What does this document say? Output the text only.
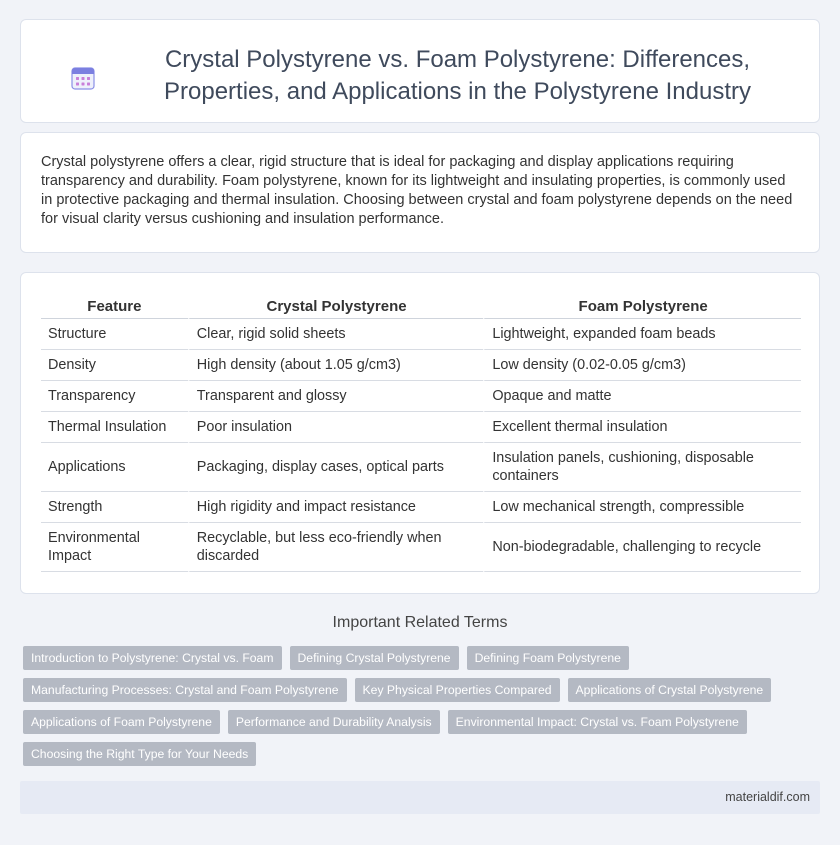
Crystal Polystyrene vs. Foam Polystyrene: Differences, Properties, and Applications in the Polystyrene Industry

Crystal polystyrene offers a clear, rigid structure that is ideal for packaging and display applications requiring transparency and durability. Foam polystyrene, known for its lightweight and insulating properties, is commonly used in protective packaging and thermal insulation. Choosing between crystal and foam polystyrene depends on the need for visual clarity versus cushioning and insulation performance.

Feature	Crystal Polystyrene	Foam Polystyrene
Structure	Clear, rigid solid sheets	Lightweight, expanded foam beads
Density	High density (about 1.05 g/cm3)	Low density (0.02-0.05 g/cm3)
Transparency	Transparent and glossy	Opaque and matte
Thermal Insulation	Poor insulation	Excellent thermal insulation
Applications	Packaging, display cases, optical parts	Insulation panels, cushioning, disposable containers
Strength	High rigidity and impact resistance	Low mechanical strength, compressible
Environmental Impact	Recyclable, but less eco-friendly when discarded	Non-biodegradable, challenging to recycle
Important Related Terms
Introduction to Polystyrene: Crystal vs. Foam	Defining Crystal Polystyrene	Defining Foam Polystyrene
Manufacturing Processes: Crystal and Foam Polystyrene	Key Physical Properties Compared	Applications of Crystal Polystyrene
Applications of Foam Polystyrene	Performance and Durability Analysis	Environmental Impact: Crystal vs. Foam Polystyrene
Choosing the Right Type for Your Needs
materialdif.com
